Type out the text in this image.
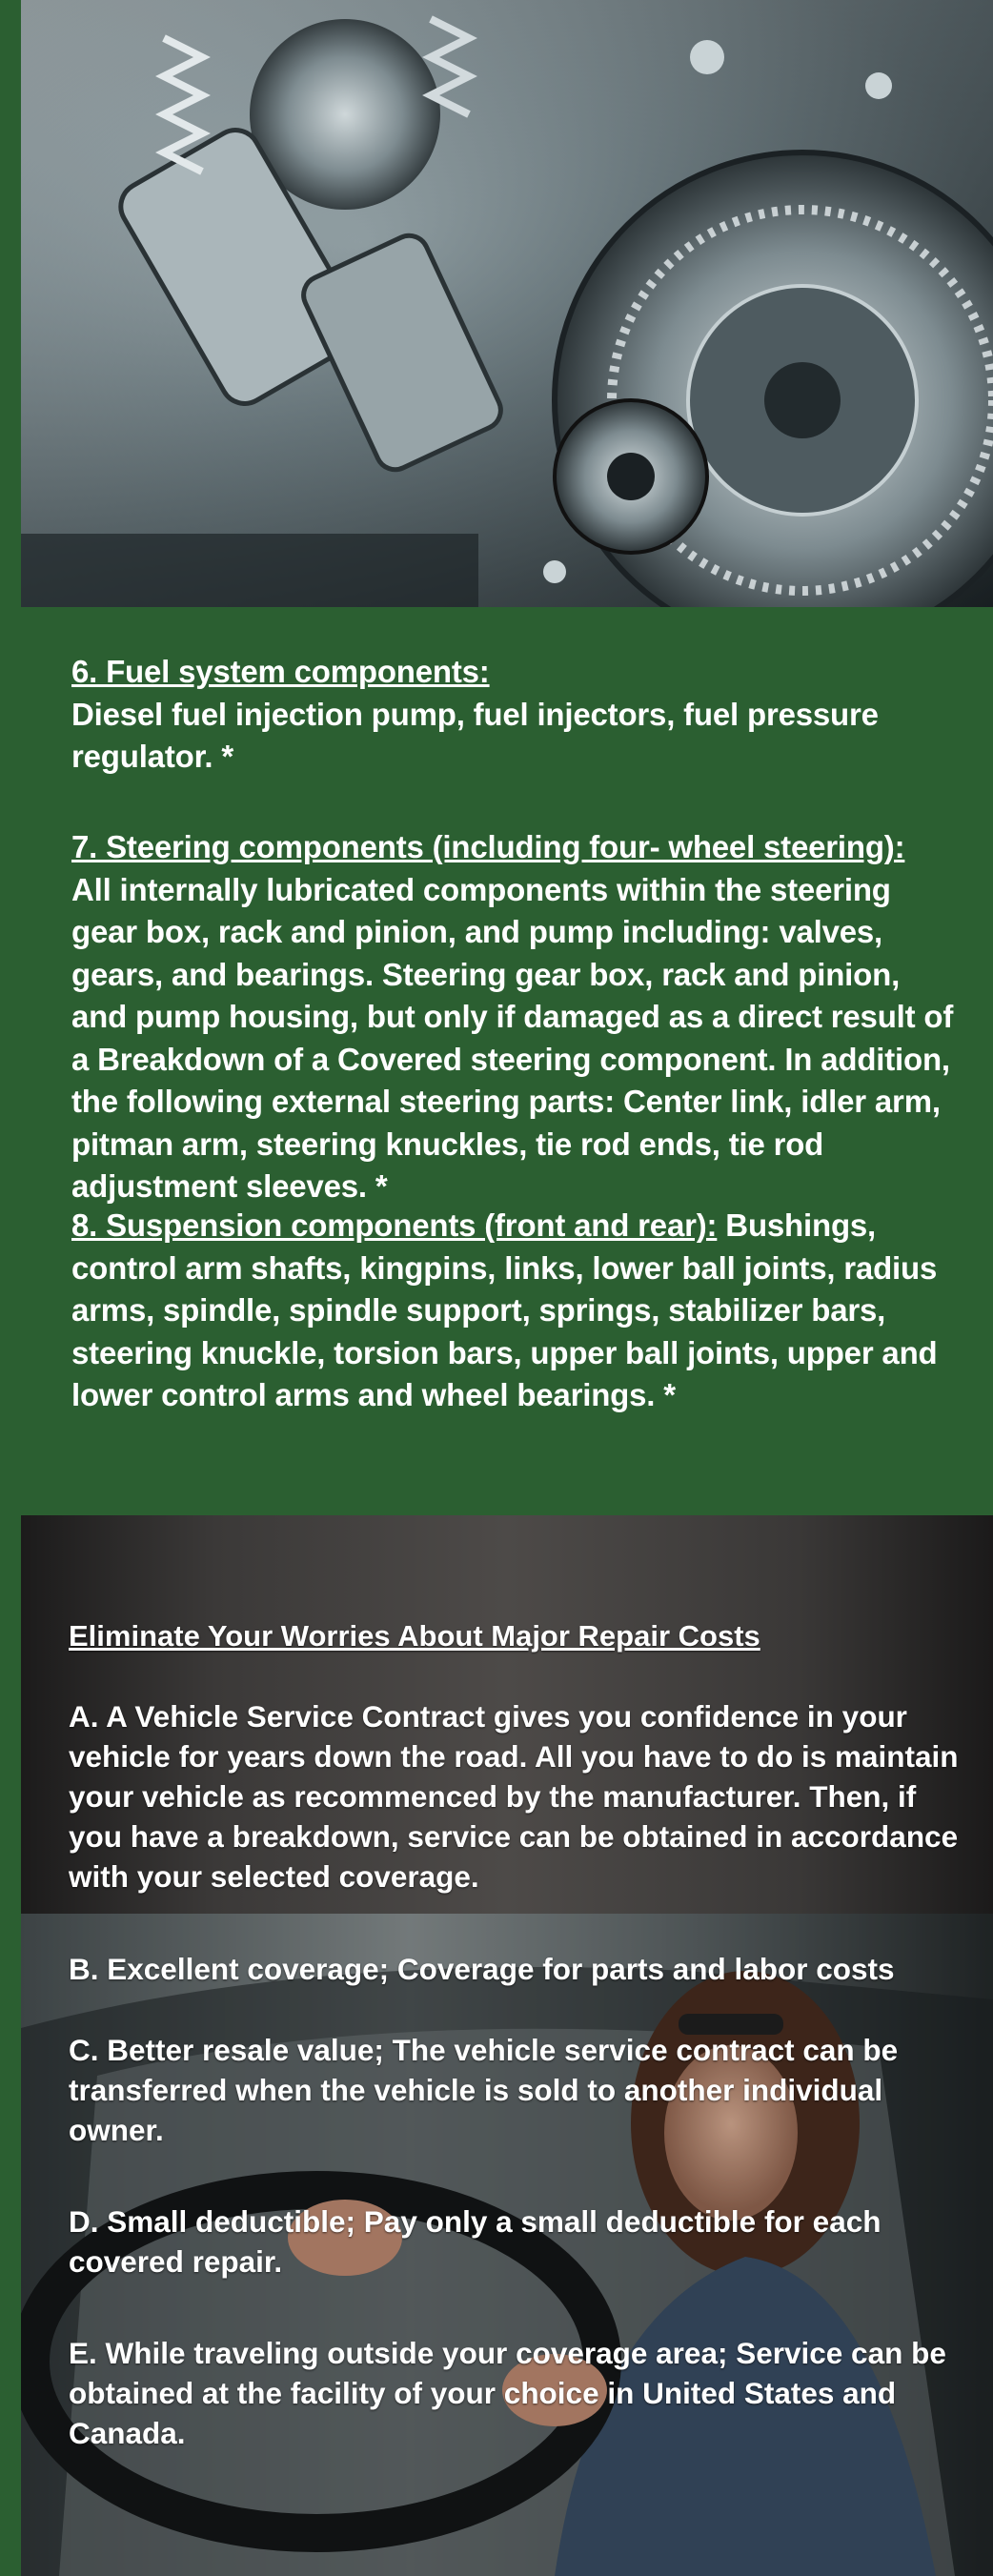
6. Fuel system components:
Diesel fuel injection pump, fuel injectors, fuel pressure regulator. *
7. Steering components (including four- wheel steering):
All internally lubricated components within the steering gear box, rack and pinion, and pump including: valves, gears, and bearings. Steering gear box, rack and pinion, and pump housing, but only if damaged as a direct result of a Breakdown of a Covered steering component. In addition, the following external steering parts: Center link, idler arm, pitman arm, steering knuckles, tie rod ends, tie rod adjustment sleeves. *
8. Suspension components (front and rear): Bushings, control arm shafts, kingpins, links, lower ball joints, radius arms, spindle, spindle support, springs, stabilizer bars, steering knuckle, torsion bars, upper ball joints, upper and lower control arms and wheel bearings. *
Eliminate Your Worries About Major Repair Costs
A. A Vehicle Service Contract gives you confidence in your vehicle for years down the road. All you have to do is maintain your vehicle as recommenced by the manufacturer. Then, if you have a breakdown, service can be obtained in accordance with your selected coverage.
B. Excellent coverage; Coverage for parts and labor costs
C. Better resale value; The vehicle service contract can be transferred when the vehicle is sold to another individual owner.
D. Small deductible; Pay only a small deductible for each covered repair.
E. While traveling outside your coverage area; Service can be obtained at the facility of your choice in United States and Canada.
